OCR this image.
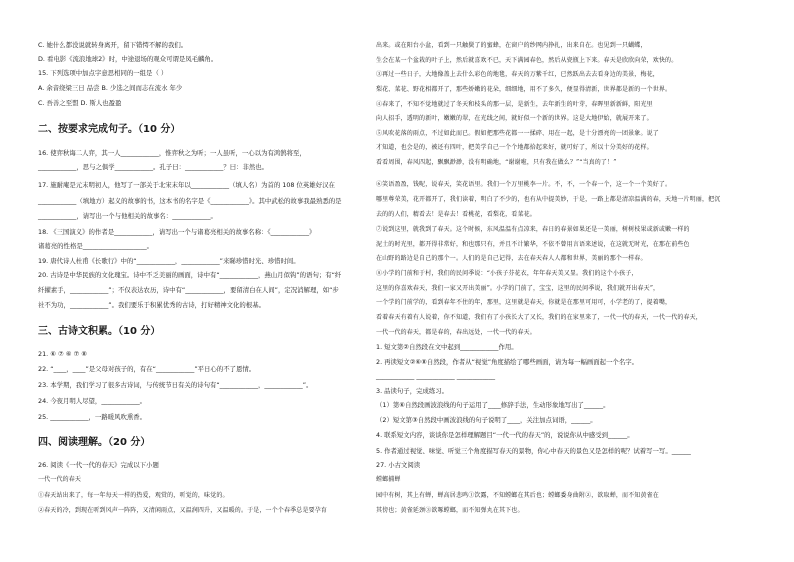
C. 她什么都没说就转身离开，留下错愕不解的我们。
D. 看电影《流浪地球2》时，中途退场的观众可谓是凤毛麟角。
15. 下列选项中加点字意思相同的一组是（ ）
A. 余音绕梁三日 品尝 B. 少选之间而志在流水 年少
C. 吾善之至盟 D. 斯人也盈盈
二、按要求完成句子。（10 分）
16. 使弈秋诲二人弈，其一人____________，惟弈秋之为听；一人虽听，一心以为有鸿鹄将至，
____________，思与之俱学____________。孔子曰：____________？曰：非然也。
17. 施耐庵是元末明初人，他写了一部关于北宋末年以____________（填人名）为首的 108 位英雄好汉在
____________（填地方）起义的故事的书，这本书的名字是《____________》。其中武松的故事我最熟悉的是
____________，请写出一个与他相关的故事名：____________。
18. 《三国演义》的作者是____________，请写出一个与诸葛亮相关的故事名称：《____________》
诸葛亮的性格是____________________。
19. 唐代诗人杜甫《长歌行》中的“____________，____________”来睇珍惜时光、珍惜时间。
20. 古诗是中华民族的文化瑰宝。诗中不乏美丽的画面，诗中有“____________，燕山月似钩”的语句；有“纤
纤擢素手，____________”；不仅表达农历，诗中有“____________，要留清白在人间”，定况消解理，如“步
社不为功，____________”。我们要乐于积累优秀的古诗，打好精神文化的根基。
三、古诗文积累。（10 分）
21. ⑥ ⑦ ⑥ ⑦ ⑧
22. “____，____”是父母对孩子的，有在“____________”平日心的不了恩情。
23. 本学期，我们学习了很多古诗词，与传统节日有关的诗句有“____________，____________”。
24. 今夜月明人尽望，____________。
25. ____________，一路暖风吹熏香。
四、阅读理解。（20 分）
26. 阅读《一代一代的春天》完成以下小题
一代一代的春天
①春天站出来了，每一年每天一样的热爱，观赏的，听觉的，味觉的。
②春天的冷，到现在听到风声一阵阵，又清闲雨点，又温润四升，又温暖的。于是，一个个春季总是要孕育
出来。或在阳台小盆，看到一只触鬓了的蜜蜂，在窗户的纱网内挣扎，出来自在。也见到一只蝴蝶，
生会在某一个盆栽的叶子上，然后就喜欢不已，天下满园春色，然后从瓷瓶上下来。春天是欣欣向荣，欢快的。
③再过一些日子，大地像盖上去什么彩色的地毯，春天的万紫千红，已然跃出去去看身边的美景，梅花，
梨花、菜花、野花相都开了，那些娇嫩的花朵，细细地，用不了多久，便显得清新，世界都是新的一个世界。
④春来了，不知不觉地就过了冬天和枝头的那一层，是新生，去年新生的叶芽，春晖里新新鲜，阳光里
向人招手，透明的新叶，嫩嫩的翠，在光线之间，就好似一个新的世界。这是大地伊始，就展开来了。
⑤风吹花落的雨点，不过如此而已。假如把那些花都一一揉碎、用在一起，是十分漂亮的一团景象。说了
才知道，也会是的，被还有四叶，把美学自己一个个地都拾起来好，就可好了，所以十分美好的花样。
看看周围，春风四起，飘飘渺渺，没有明确地，“谢谢啦，只有我在做么？”“当真的了！”
⑥笑语盈盈，钱呢，说春天，笑花语里。我们一个万里桃李一片。不，不，一个春一个，这一个一个美好了。
哪里尊荣美，花开都开了，我们读着，明白了不少的，也有从中提美妙，于是，一路上都是清凉温满的春，天地一片明丽，把沉
去的的人们，精看去！是春去！看桃花，看梨花，看菜花。
⑦说到这里，就我到了春天。这个时候，东风温温有点凉来，春日的春景如果还是一美丽，树树枝果或新或嫩一样的
泥土的时光里，都开得非常好，和也那只有，并且不计繁华，不依不曾用言语来述说，在这就无时光，在那在前些色
在山野的路边是自己的那个一。人们的是自己记得，去在春天春人人都和世界，美丽的那个一样春。
⑧小学的门前和于村，我们的民问季说：“小孩子芬花衣，年年春天美又显。我们的这个小孩子，
这里的你喜欢春天，我们一家又开出美丽”。小学的门前了，宝宝，这里的民问季说，我们就开出春天”，
一个学的门前学的，看到春年不住的年，那里，这里就是春天，你就是在那里可用可，小学老的了，提着嘴，
看着春天有着有人说着，你不知道，我们有了小孩长大了又长，我们的在家里来了，一代一代的春天，一代一代的春天，
一代一代的春天，都是春的，春出远处，一代一代的春天。
1. 短文第②自然段在文中起到____________作用。
2. 再读短文②⑥⑧自然段，作者从“视觉”角度描绘了哪些画面，请为每一幅画面起一个名字。
____________ ____________ ____________
3. 品读句子，完成练习。
（1）第⑥自然段画波浪线的句子运用了____修辞手法，生动形象地写出了______。
（2）短文第③自然段中画波浪线的句子说明了____，关注加点词语，______。
4. 联系短文内容，谈谈你是怎样理解题目“一代一代的春天”的，说说你从中感受到______。
5. 作者通过视觉、味觉、听觉三个角度描写春天的景物，你心中春天的景色又是怎样的呢？试着写一写。______
27. 小古文阅读
螳螂捕蝉
园中有树，其上有蝉，蝉高居悲鸣①饮露，不知螳螂在其后也；螳螂委身曲附②，欲取蝉，而不知黄雀在
其傍也；黄雀延颈③欲啄螳螂，而不知弹丸在其下也。
